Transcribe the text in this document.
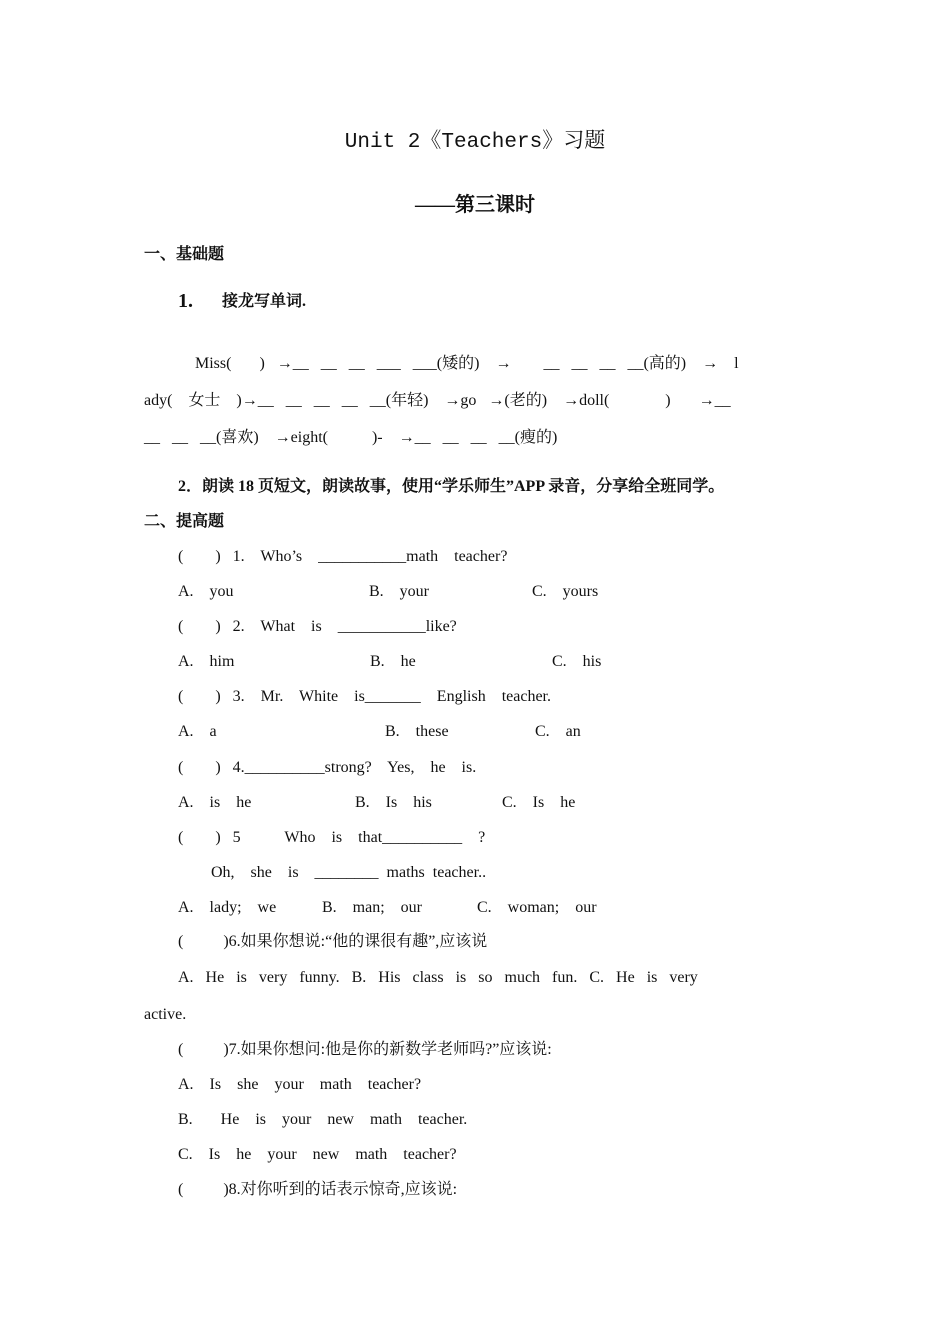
Unit 2《Teachers》习题
——第三课时
一、基础题
1. 接龙写单词.
Miss(       )   →__   __   __   ___   ___(矮的)    →        __   __   __   __(高的)    →    l
ady(    女士    )→__   __   __   __   __(年轻)    →go   →(老的)    →doll(              )       →__
__   __   __(喜欢)    →eight(           )-    →__   __   __   __(瘦的)
2．朗读 18 页短文，朗读故事，使用“学乐师生”APP 录音，分享给全班同学。
二、提高题
(        )   1.    Who’s    ___________math    teacher?
A.    you	B.    your	C.    yours
(        )   2.    What    is    ___________like?
A.    him	B.    he	C.    his
(        )   3.    Mr.    White    is_______    English    teacher.
A.    a	B.    these	C.    an
(        )   4.__________strong?    Yes,    he    is.
A.    is    he	B.    Is    his	C.    Is    he
(        )   5           Who    is    that__________    ?
Oh,    she    is    ________  maths  teacher..
A.    lady;    we	B.    man;    our	C.    woman;    our
(          )6.如果你想说:“他的课很有趣”,应该说
A.   He   is   very   funny.   B.   His   class   is   so   much   fun.   C.   He   is   very
active.
(          )7.如果你想问:他是你的新数学老师吗?”应该说:
A.    Is    she    your    math    teacher?
B.       He    is    your    new    math    teacher.
C.    Is    he    your    new    math    teacher?
(          )8.对你听到的话表示惊奇,应该说:
